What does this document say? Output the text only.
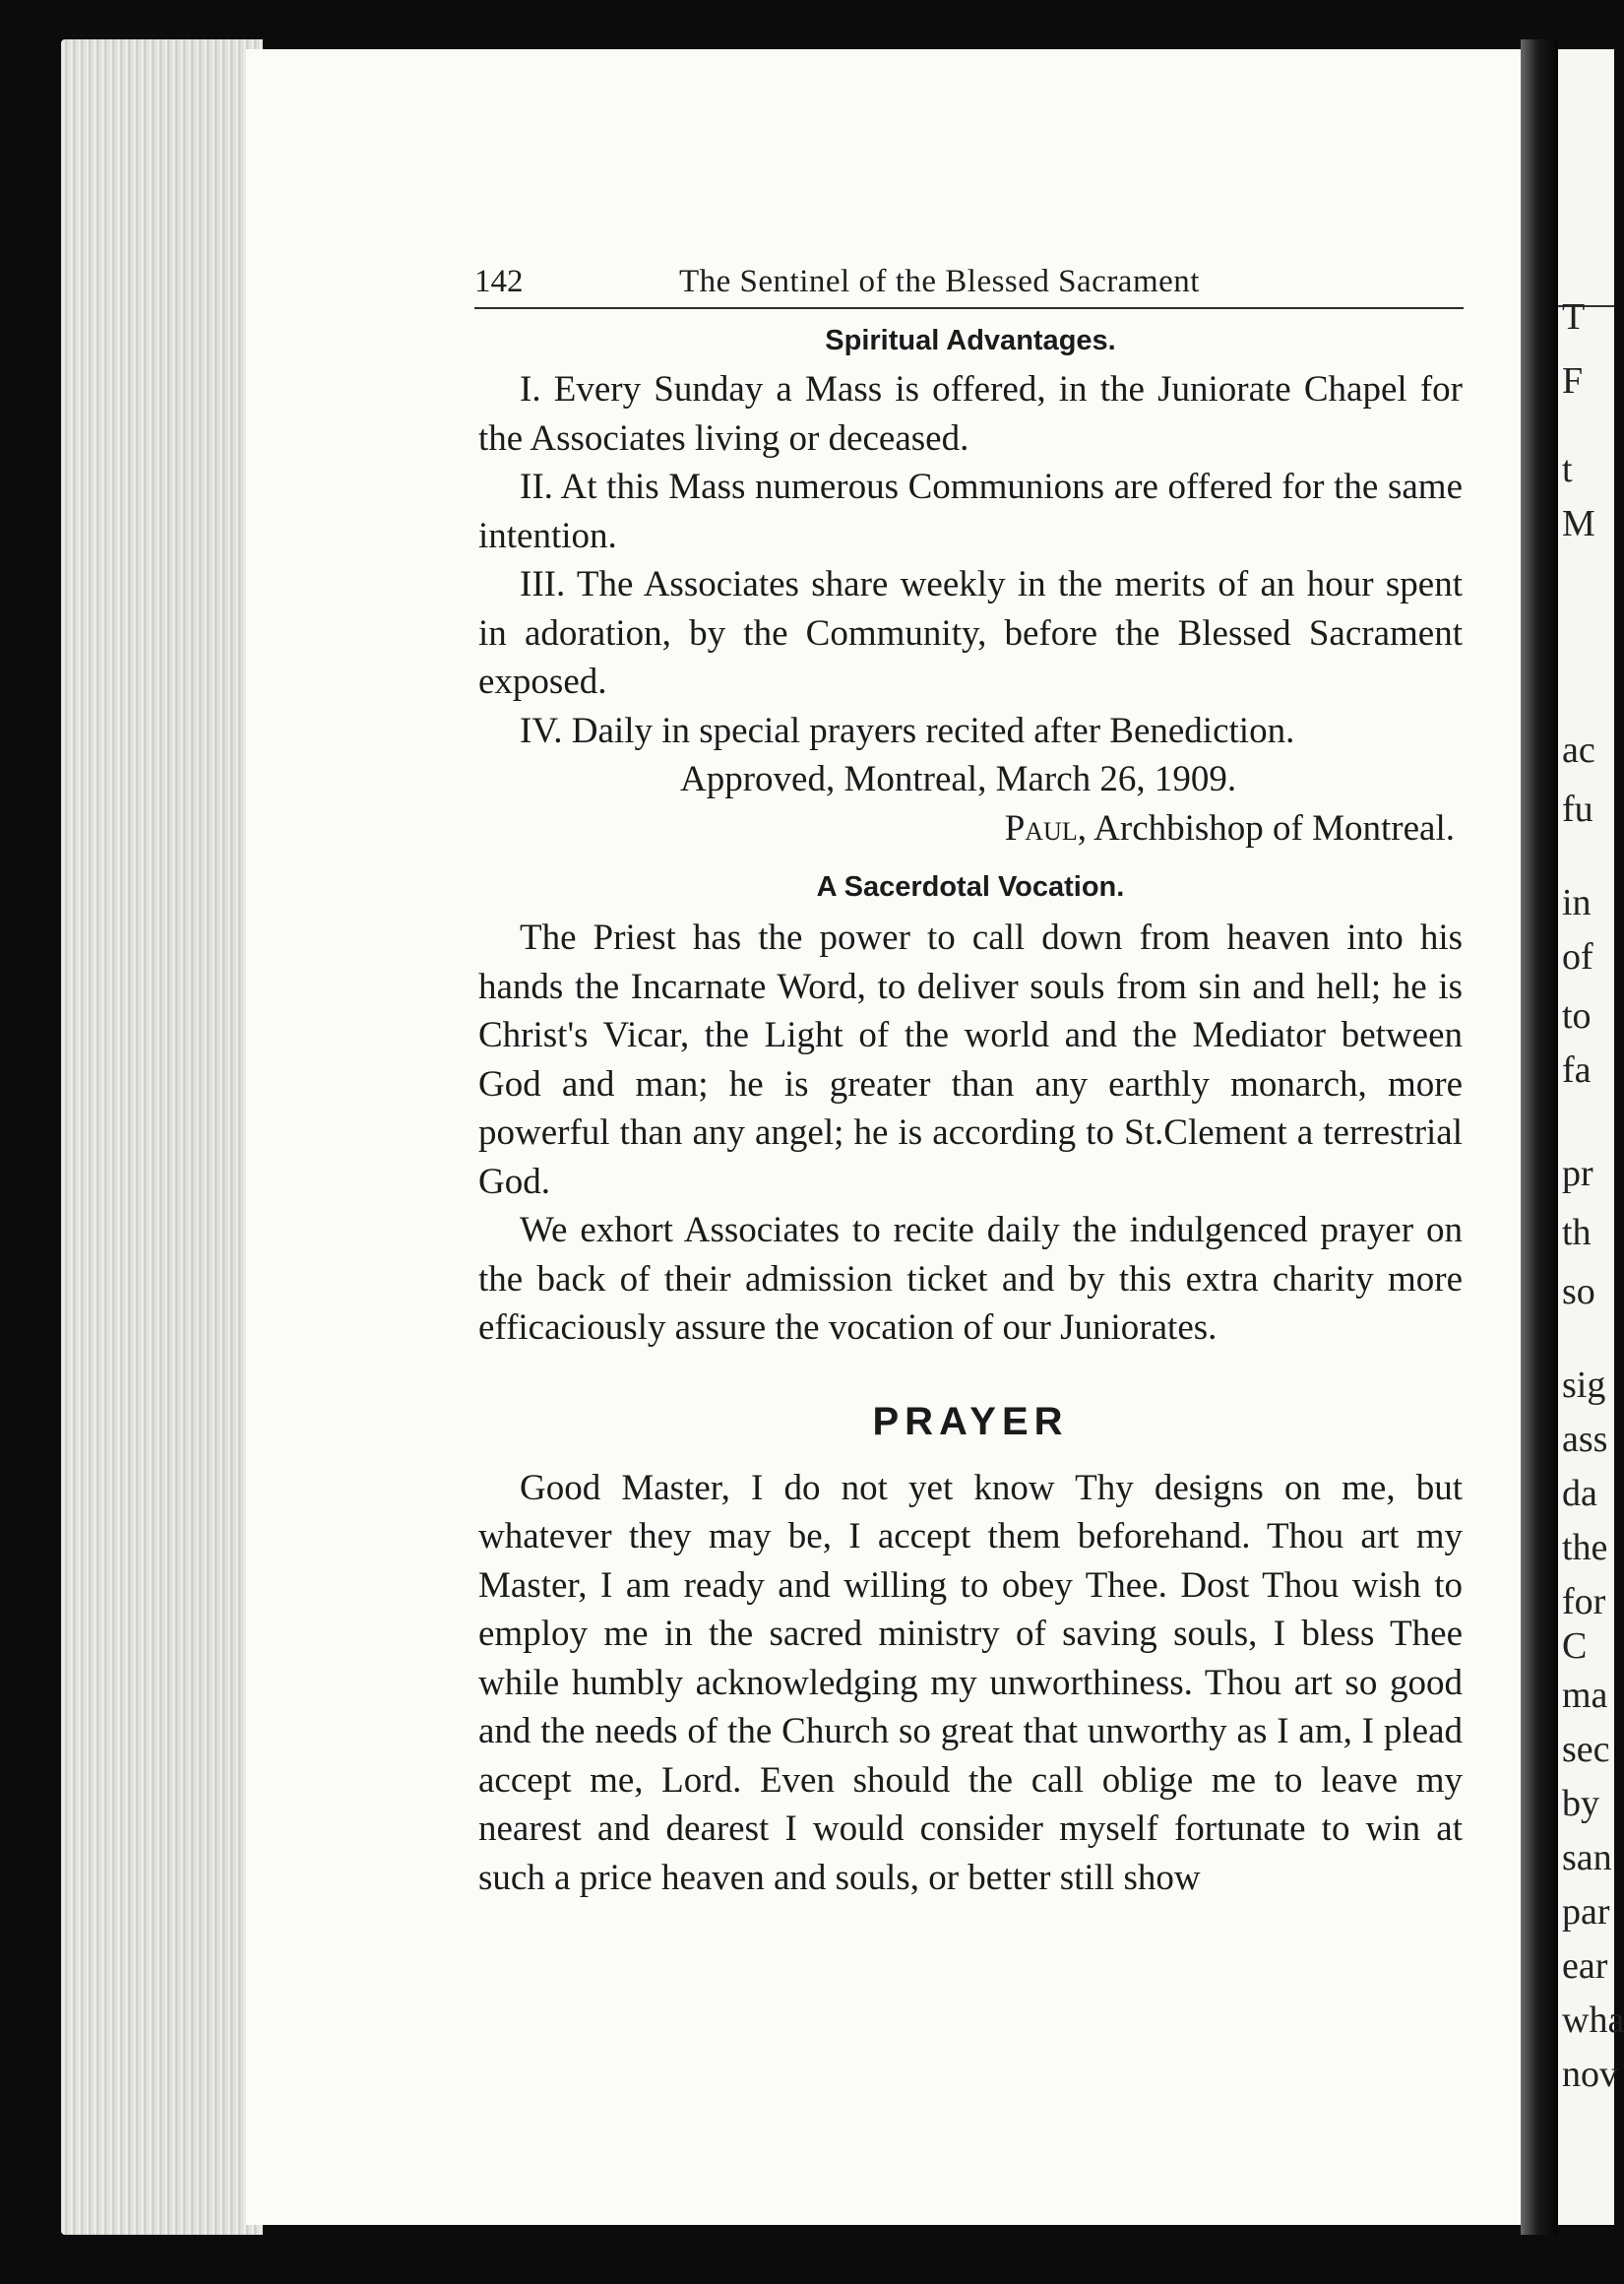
T
F
t
M
ac
fu
in
of
to
fa
pr
th
so
sig
ass
da
the
for
C
ma
sec
by
san
par
ear
wha
nov
142	The Sentinel of the Blessed Sacrament
Spiritual Advantages.

I. Every Sunday a Mass is offered, in the Juniorate Chapel for the Associates living or deceased.

II. At this Mass numerous Communions are offered for the same intention.

III. The Associates share weekly in the merits of an hour spent in adoration, by the Community, before the Blessed Sacrament exposed.

IV. Daily in special prayers recited after Benediction.

Approved, Montreal, March 26, 1909.

Paul, Archbishop of Montreal.

A Sacerdotal Vocation.

The Priest has the power to call down from heaven into his hands the Incarnate Word, to deliver souls from sin and hell; he is Christ's Vicar, the Light of the world and the Mediator between God and man; he is greater than any earthly monarch, more powerful than any angel; he is according to St.Clement a terrestrial God.

We exhort Associates to recite daily the indulgenced prayer on the back of their admission ticket and by this extra charity more efficaciously assure the vocation of our Juniorates.

PRAYER

Good Master, I do not yet know Thy designs on me, but whatever they may be, I accept them beforehand. Thou art my Master, I am ready and willing to obey Thee. Dost Thou wish to employ me in the sacred ministry of saving souls, I bless Thee while humbly acknowledging my unworthiness. Thou art so good and the needs of the Church so great that unworthy as I am, I plead accept me, Lord. Even should the call oblige me to leave my nearest and dearest I would consider myself fortunate to win at such a price heaven and souls, or better still show
